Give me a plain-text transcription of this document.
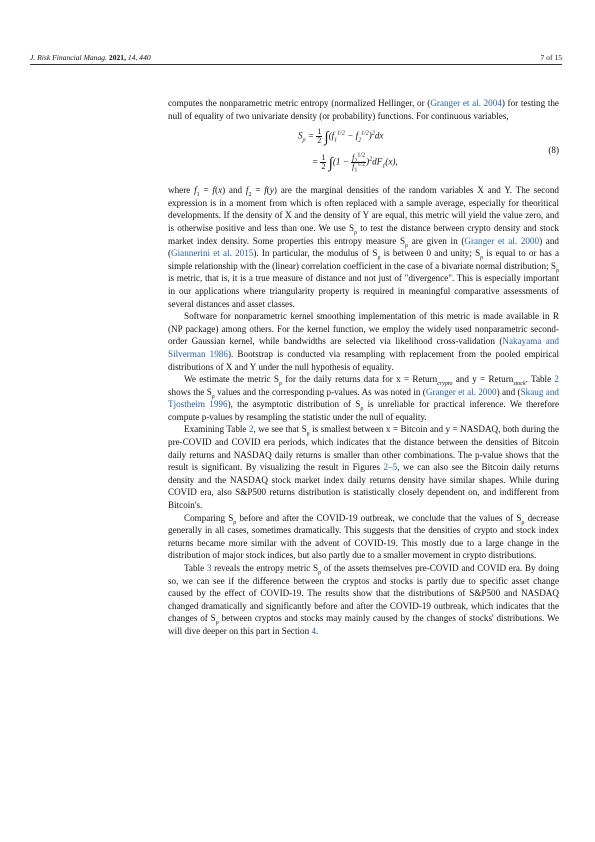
J. Risk Financial Manag. 2021, 14, 440	7 of 15

computes the nonparametric metric entropy (normalized Hellinger, or (Granger et al. 2004) for testing the null of equality of two univariate density (or probability) functions. For continuous variables,

$S_\rho = \frac{1}{2} \int(f_1^{1/2} - f_2^{1/2})^2dx$
= $\frac{1}{2} \int(1 - \frac{f_2^{1/2}}{f_1^{1/2}} )^2dF_1(x)$,
(8)

where $f_1 = f(x)$ and $f_2 = f(y)$ are the marginal densities of the random variables X and Y. The second expression is in a moment from which is often replaced with a sample average, especially for theoritical developments. If the density of X and the density of Y are equal, this metric will yield the value zero, and is otherwise positive and less than one. We use $S_\rho$ to test the distance between crypto density and stock market index density. Some properties this entropy measure $S_\rho$ are given in (Granger et al. 2000) and (Giannerini et al. 2015). In particular, the modulus of $S_\rho$ is between 0 and unity; $S_\rho$ is equal to or has a simple relationship with the (linear) correlation coefficient in the case of a bivariate normal distribution; $S_\rho$ is metric, that is, it is a true measure of distance and not just of "divergence". This is especially important in our applications where triangularity property is required in meaningful comparative assessments of several distances and asset classes.

Software for nonparametric kernel smoothing implementation of this metric is made available in R (NP package) among others. For the kernel function, we employ the widely used nonparametric second-order Gaussian kernel, while bandwidths are selected via likelihood cross-validation (Nakayama and Silverman 1986). Bootstrap is conducted via resampling with replacement from the pooled empirical distributions of X and Y under the null hypothesis of equality.

We estimate the metric $S_\rho$ for the daily returns data for x = Return$_{crypto}$ and y = Return$_{stock}$. Table 2 shows the $S_\rho$ values and the corresponding p-values. As was noted in (Granger et al. 2000) and (Skaug and Tjostheim 1996), the asymptotic distribution of $S_\rho$ is unreliable for practical inference. We therefore compute p-values by resampling the statistic under the null of equality.

Examining Table 2, we see that $S_\rho$ is smallest between x = Bitcoin and y = NASDAQ, both during the pre-COVID and COVID era periods, which indicates that the distance between the densities of Bitcoin daily returns and NASDAQ daily returns is smaller than other combinations. The p-value shows that the result is significant. By visualizing the result in Figures 2–5, we can also see the Bitcoin daily returns density and the NASDAQ stock market index daily returns density have similar shapes. While during COVID era, also S&P500 returns distribution is statistically closely dependent on, and indifferent from Bitcoin's.

Comparing $S_\rho$ before and after the COVID-19 outbreak, we conclude that the values of $S_\rho$ decrease generally in all cases, sometimes dramatically. This suggests that the densities of crypto and stock index returns became more similar with the advent of COVID-19. This mostly due to a large change in the distribution of major stock indices, but also partly due to a smaller movement in crypto distributions.

Table 3 reveals the entropy metric $S_\rho$ of the assets themselves pre-COVID and COVID era. By doing so, we can see if the difference between the cryptos and stocks is partly due to specific asset change caused by the effect of COVID-19. The results show that the distributions of S&P500 and NASDAQ changed dramatically and significantly before and after the COVID-19 outbreak, which indicates that the changes of $S_\rho$ between cryptos and stocks may mainly caused by the changes of stocks' distributions. We will dive deeper on this part in Section 4.
